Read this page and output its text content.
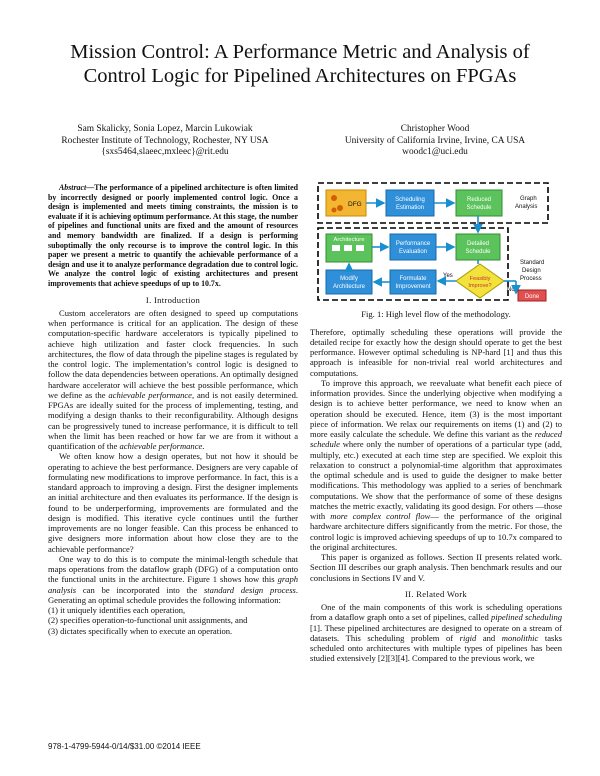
Mission Control: A Performance Metric and Analysis of
Control Logic for Pipelined Architectures on FPGAs
Sam Skalicky, Sonia Lopez, Marcin Lukowiak
Rochester Institute of Technology, Rochester, NY USA
{sxs5464,slaeec,mxleec}@rit.edu
Christopher Wood
University of California Irvine, Irvine, CA USA
woodc1@uci.edu

Abstract—The performance of a pipelined architecture is often limited by incorrectly designed or poorly implemented control logic. Once a design is implemented and meets timing constraints, the mission is to evaluate if it is achieving optimum performance. At this stage, the number of pipelines and functional units are fixed and the amount of resources and memory bandwidth are finalized. If a design is performing suboptimally the only recourse is to improve the control logic. In this paper we present a metric to quantify the achievable performance of a design and use it to analyze performance degradation due to control logic. We analyze the control logic of existing architectures and present improvements that achieve speedups of up to 10.7x.

I. Introduction

Custom accelerators are often designed to speed up computations when performance is critical for an application. The design of these computation-specific hardware accelerators is typically pipelined to achieve high utilization and faster clock frequencies. In such architectures, the flow of data through the pipeline stages is regulated by the control logic. The implementation’s control logic is designed to follow the data dependencies between operations. An optimally designed hardware accelerator will achieve the best possible performance, which we define as the achievable performance, and is not easily determined. FPGAs are ideally suited for the process of implementing, testing, and modifying a design thanks to their reconfigurability. Although designs can be progressively tuned to increase performance, it is difficult to tell when the limit has been reached or how far we are from it without a quantification of the achievable performance.

We often know how a design operates, but not how it should be operating to achieve the best performance. Designers are very capable of formulating new modifications to improve performance. In fact, this is a standard approach to improving a design. First the designer implements an initial architecture and then evaluates its performance. If the design is found to be underperforming, improvements are formulated and the design is modified. This iterative cycle continues until the further improvements are no longer feasible. Can this process be enhanced to give designers more information about how close they are to the achievable performance?

One way to do this is to compute the minimal-length schedule that maps operations from the dataflow graph (DFG) of a computation onto the functional units in the architecture. Figure 1 shows how this graph analysis can be incorporated into the standard design process. Generating an optimal schedule provides the following information:

(1) it uniquely identifies each operation,

(2) specifies operation-to-functional unit assignments, and

(3) dictates specifically when to execute an operation.

DFG
Scheduling
Estimation
Reduced
Schedule
Graph
Analysis
Architecture
Performance
Evaluation
Detailed
Schedule
Standard
Design
Process
Modify
Architecture
Formulate
Improvement
Feasibly
Improve?
Yes
No
Done
Fig. 1: High level flow of the methodology.

Therefore, optimally scheduling these operations will provide the detailed recipe for exactly how the design should operate to get the best performance. However optimal scheduling is NP-hard [1] and thus this approach is infeasible for non-trivial real world architectures and computations.

To improve this approach, we reevaluate what benefit each piece of information provides. Since the underlying objective when modifying a design is to achieve better performance, we need to know when an operation should be executed. Hence, item (3) is the most important piece of information. We relax our requirements on items (1) and (2) to more easily calculate the schedule. We define this variant as the reduced schedule where only the number of operations of a particular type (add, multiply, etc.) executed at each time step are specified. We exploit this relaxation to construct a polynomial-time algorithm that approximates the optimal schedule and is used to guide the designer to make better modifications. This methodology was applied to a series of benchmark computations. We show that the performance of some of these designs matches the metric exactly, validating its good design. For others —those with more complex control flow— the performance of the original hardware architecture differs significantly from the metric. For those, the control logic is improved achieving speedups of up to 10.7x compared to the original architectures.

This paper is organized as follows. Section II presents related work. Section III describes our graph analysis. Then benchmark results and our conclusions in Sections IV and V.

II. Related Work

One of the main components of this work is scheduling operations from a dataflow graph onto a set of pipelines, called pipelined scheduling [1]. These pipelined architectures are designed to operate on a stream of datasets. This scheduling problem of rigid and monolithic tasks scheduled onto architectures with multiple types of pipelines has been studied extensively [2][3][4]. Compared to the previous work, we

978-1-4799-5944-0/14/$31.00 ©2014 IEEE
